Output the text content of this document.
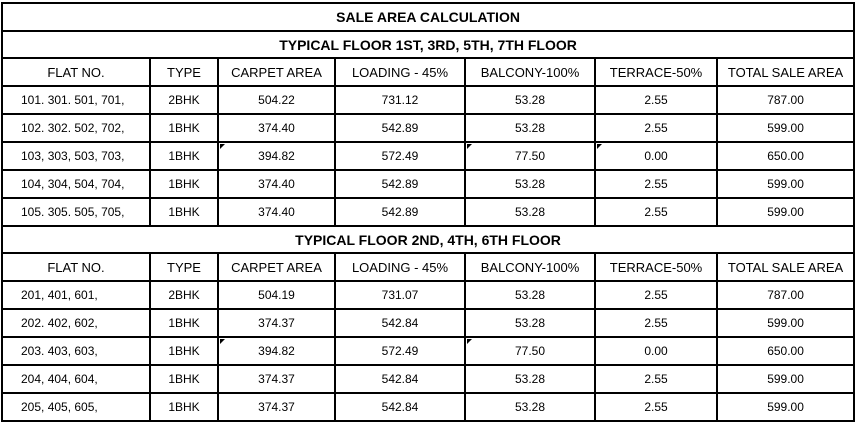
SALE AREA CALCULATION						
TYPICAL FLOOR 1ST, 3RD, 5TH, 7TH FLOOR						
FLAT NO.	TYPE	CARPET AREA	LOADING - 45%	BALCONY-100%	TERRACE-50%	TOTAL SALE AREA
101. 301. 501, 701,	2BHK	504.22	731.12	53.28	2.55	787.00
102. 302. 502, 702,	1BHK	374.40	542.89	53.28	2.55	599.00
103, 303, 503, 703,	1BHK	394.82	572.49	77.50	0.00	650.00
104, 304, 504, 704,	1BHK	374.40	542.89	53.28	2.55	599.00
105. 305. 505, 705,	1BHK	374.40	542.89	53.28	2.55	599.00
TYPICAL FLOOR 2ND, 4TH, 6TH FLOOR						
FLAT NO.	TYPE	CARPET AREA	LOADING - 45%	BALCONY-100%	TERRACE-50%	TOTAL SALE AREA
201, 401, 601,	2BHK	504.19	731.07	53.28	2.55	787.00
202. 402, 602,	1BHK	374.37	542.84	53.28	2.55	599.00
203. 403, 603,	1BHK	394.82	572.49	77.50	0.00	650.00
204, 404, 604,	1BHK	374.37	542.84	53.28	2.55	599.00
205, 405, 605,	1BHK	374.37	542.84	53.28	2.55	599.00
